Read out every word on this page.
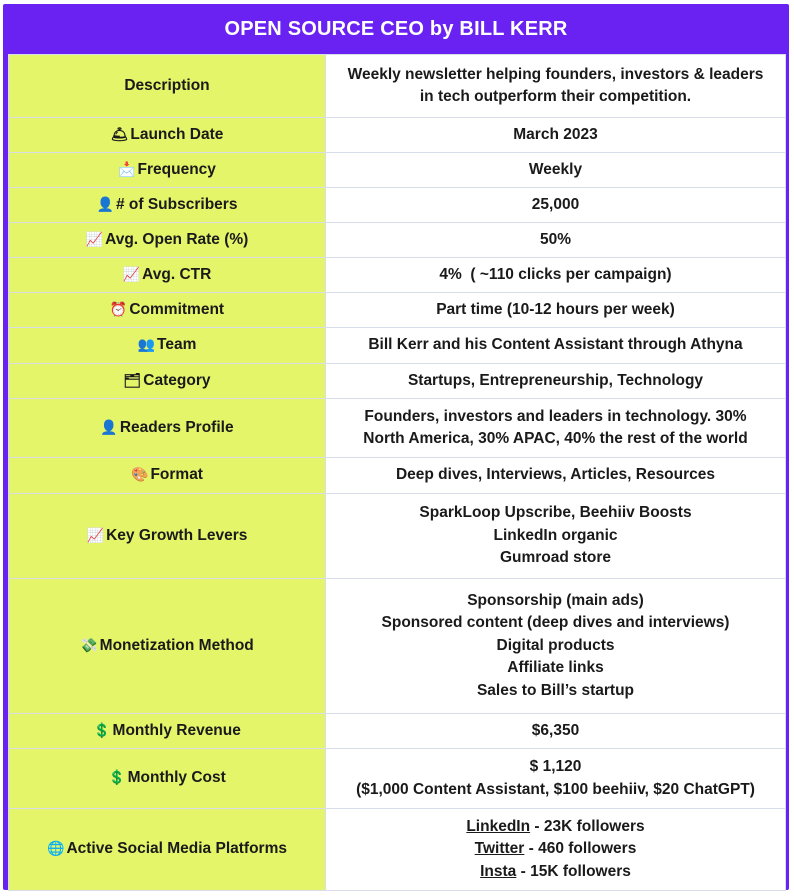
OPEN SOURCE CEO by BILL KERR
Description	Weekly newsletter helping founders, investors & leaders
in tech outperform their competition.

🛎 Launch Date	March 2023
📩 Frequency	Weekly
👤 # of Subscribers	25,000
📈 Avg. Open Rate (%)	50%
📈 Avg. CTR	4%  ( ~110 clicks per campaign)
⏰ Commitment	Part time (10-12 hours per week)
👥 Team	Bill Kerr and his Content Assistant through Athyna
🗂 Category	Startups, Entrepreneurship, Technology
👤 Readers Profile	Founders, investors and leaders in technology. 30%
North America, 30% APAC, 40% the rest of the world

🎨 Format	Deep dives, Interviews, Articles, Resources
📈 Key Growth Levers	SparkLoop Upscribe, Beehiiv Boosts
LinkedIn organic
Gumroad store

💸 Monetization Method	Sponsorship (main ads)
Sponsored content (deep dives and interviews)
Digital products
Affiliate links
Sales to Bill’s startup

💲 Monthly Revenue	$6,350
💲 Monthly Cost	$ 1,120
($1,000 Content Assistant, $100 beehiiv, $20 ChatGPT)

🌐 Active Social Media Platforms	LinkedIn - 23K followers
Twitter - 460 followers
Insta - 15K followers
